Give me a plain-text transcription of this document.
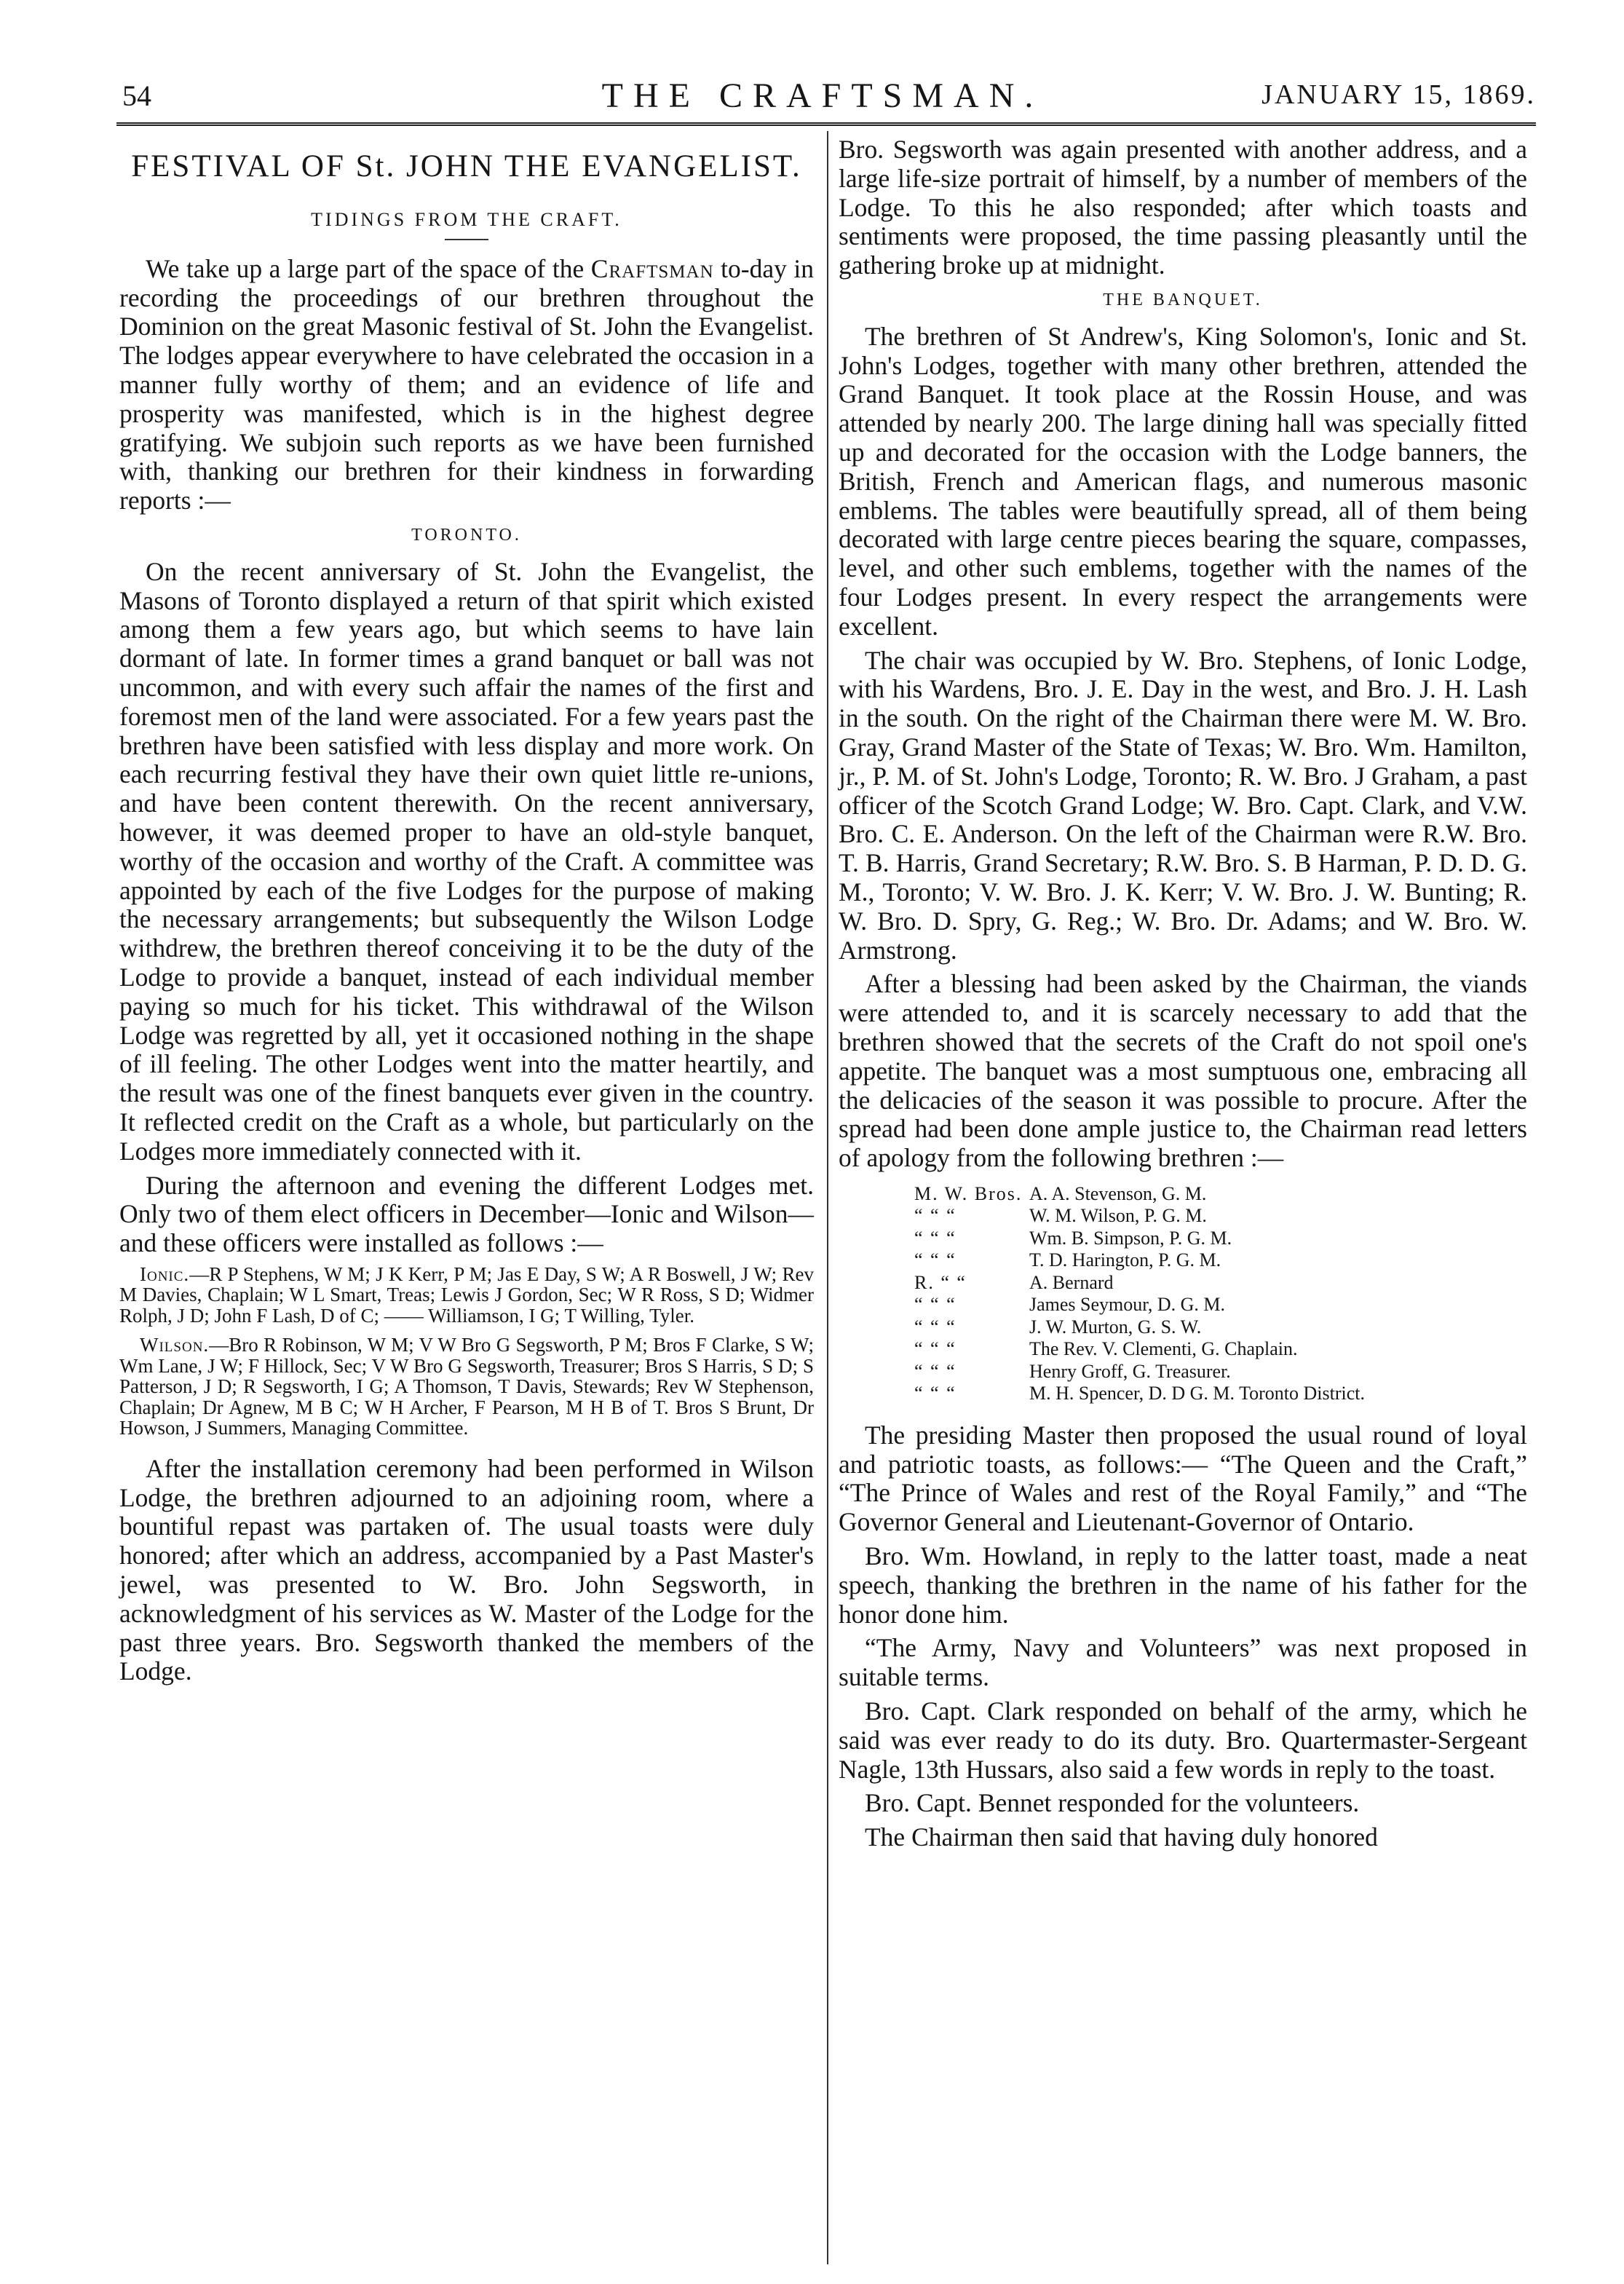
54	THE CRAFTSMAN.	JANUARY 15, 1869.
FESTIVAL OF St. JOHN THE EVANGELIST.
TIDINGS FROM THE CRAFT.

We take up a large part of the space of the Craftsman to-day in recording the proceedings of our brethren throughout the Dominion on the great Masonic festival of St. John the Evangelist. The lodges appear everywhere to have celebrated the occasion in a manner fully worthy of them; and an evidence of life and prosperity was manifested, which is in the highest degree gratifying. We subjoin such reports as we have been furnished with, thanking our brethren for their kindness in forwarding reports :—

TORONTO.

On the recent anniversary of St. John the Evangelist, the Masons of Toronto displayed a return of that spirit which existed among them a few years ago, but which seems to have lain dormant of late. In former times a grand banquet or ball was not uncommon, and with every such affair the names of the first and foremost men of the land were associated. For a few years past the brethren have been satisfied with less display and more work. On each recurring festival they have their own quiet little re-unions, and have been content therewith. On the recent anniversary, however, it was deemed proper to have an old-style banquet, worthy of the occasion and worthy of the Craft. A committee was appointed by each of the five Lodges for the purpose of making the necessary arrangements; but subsequently the Wilson Lodge withdrew, the brethren thereof conceiving it to be the duty of the Lodge to provide a banquet, instead of each individual member paying so much for his ticket. This withdrawal of the Wilson Lodge was regretted by all, yet it occasioned nothing in the shape of ill feeling. The other Lodges went into the matter heartily, and the result was one of the finest banquets ever given in the country. It reflected credit on the Craft as a whole, but particularly on the Lodges more immediately connected with it.

During the afternoon and evening the different Lodges met. Only two of them elect officers in December—Ionic and Wilson—and these officers were installed as follows :—

Ionic.—R P Stephens, W M; J K Kerr, P M; Jas E Day, S W; A R Boswell, J W; Rev M Davies, Chaplain; W L Smart, Treas; Lewis J Gordon, Sec; W R Ross, S D; Widmer Rolph, J D; John F Lash, D of C; —— Williamson, I G; T Willing, Tyler.

Wilson.—Bro R Robinson, W M; V W Bro G Segsworth, P M; Bros F Clarke, S W; Wm Lane, J W; F Hillock, Sec; V W Bro G Segsworth, Treasurer; Bros S Harris, S D; S Patterson, J D; R Segsworth, I G; A Thomson, T Davis, Stewards; Rev W Stephenson, Chaplain; Dr Agnew, M B C; W H Archer, F Pearson, M H B of T. Bros S Brunt, Dr Howson, J Summers, Managing Committee.

After the installation ceremony had been performed in Wilson Lodge, the brethren adjourned to an adjoining room, where a bountiful repast was partaken of. The usual toasts were duly honored; after which an address, accompanied by a Past Master's jewel, was presented to W. Bro. John Segsworth, in acknowledgment of his services as W. Master of the Lodge for the past three years. Bro. Segsworth thanked the members of the Lodge.

Bro. Segsworth was again presented with another address, and a large life-size portrait of himself, by a number of members of the Lodge. To this he also responded; after which toasts and sentiments were proposed, the time passing pleasantly until the gathering broke up at midnight.

THE BANQUET.

The brethren of St Andrew's, King Solomon's, Ionic and St. John's Lodges, together with many other brethren, attended the Grand Banquet. It took place at the Rossin House, and was attended by nearly 200. The large dining hall was specially fitted up and decorated for the occasion with the Lodge banners, the British, French and American flags, and numerous masonic emblems. The tables were beautifully spread, all of them being decorated with large centre pieces bearing the square, compasses, level, and other such emblems, together with the names of the four Lodges present. In every respect the arrangements were excellent.

The chair was occupied by W. Bro. Stephens, of Ionic Lodge, with his Wardens, Bro. J. E. Day in the west, and Bro. J. H. Lash in the south. On the right of the Chairman there were M. W. Bro. Gray, Grand Master of the State of Texas; W. Bro. Wm. Hamilton, jr., P. M. of St. John's Lodge, Toronto; R. W. Bro. J Graham, a past officer of the Scotch Grand Lodge; W. Bro. Capt. Clark, and V.W. Bro. C. E. Anderson. On the left of the Chairman were R.W. Bro. T. B. Harris, Grand Secretary; R.W. Bro. S. B Harman, P. D. D. G. M., Toronto; V. W. Bro. J. K. Kerr; V. W. Bro. J. W. Bunting; R. W. Bro. D. Spry, G. Reg.; W. Bro. Dr. Adams; and W. Bro. W. Armstrong.

After a blessing had been asked by the Chairman, the viands were attended to, and it is scarcely necessary to add that the brethren showed that the secrets of the Craft do not spoil one's appetite. The banquet was a most sumptuous one, embracing all the delicacies of the season it was possible to procure. After the spread had been done ample justice to, the Chairman read letters of apology from the following brethren :—

M. W. Bros. A. A. Stevenson, G. M.
“ “ “	W. M. Wilson, P. G. M.
“ “ “	Wm. B. Simpson, P. G. M.
“ “ “	T. D. Harington, P. G. M.
R. “ “	A. Bernard
“ “ “	James Seymour, D. G. M.
“ “ “	J. W. Murton, G. S. W.
“ “ “	The Rev. V. Clementi, G. Chaplain.
“ “ “	Henry Groff, G. Treasurer.
“ “ “	M. H. Spencer, D. D G. M. Toronto District.

The presiding Master then proposed the usual round of loyal and patriotic toasts, as follows:— “The Queen and the Craft,” “The Prince of Wales and rest of the Royal Family,” and “The Governor General and Lieutenant-Governor of Ontario.

Bro. Wm. Howland, in reply to the latter toast, made a neat speech, thanking the brethren in the name of his father for the honor done him.

“The Army, Navy and Volunteers” was next proposed in suitable terms.

Bro. Capt. Clark responded on behalf of the army, which he said was ever ready to do its duty. Bro. Quartermaster-Sergeant Nagle, 13th Hussars, also said a few words in reply to the toast.

Bro. Capt. Bennet responded for the volunteers.

The Chairman then said that having duly honored
